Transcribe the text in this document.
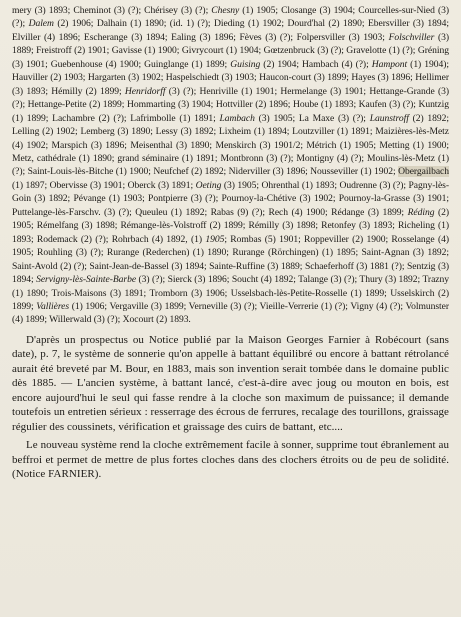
mery (3) 1893; Cheminot (3) (?); Chérisey (3) (?); Chesny (1) 1905; Closange (3) 1904; Courcelles-sur-Nied (3) (?); Dalem (2) 1906; Dalhain (1) 1890; (id. 1) (?); Dieding (1) 1902; Dourd'hal (2) 1890; Ebersviller (3) 1894; Elviller (4) 1896; Escherange (3) 1894; Ealing (3) 1896; Fèves (3) (?); Folpersviller (3) 1903; Folschviller (3) 1889; Freistroff (2) 1901; Gavisse (1) 1900; Givrycourt (1) 1904; Gœtzenbruck (3) (?); Gravelotte (1) (?); Gréning (3) 1901; Guebenhouse (4) 1900; Guinglange (1) 1899; Guising (2) 1904; Hambach (4) (?); Hampont (1) 1904); Hauviller (2) 1903; Hargarten (3) 1902; Haspelschiedt (3) 1903; Haucon-court (3) 1899; Hayes (3) 1896; Hellimer (3) 1893; Hémilly (2) 1899; Henridorff (3) (?); Henriville (1) 1901; Hermelange (3) 1901; Hettange-Grande (3) (?); Hettange-Petite (2) 1899; Hommarting (3) 1904; Hottviller (2) 1896; Hoube (1) 1893; Kaufen (3) (?); Kuntzig (1) 1899; Lachambre (2) (?); Lafrimbolle (1) 1891; Lambach (3) 1905; La Maxe (3) (?); Launstroff (2) 1892; Lelling (2) 1902; Lemberg (3) 1890; Lessy (3) 1892; Lixheim (1) 1894; Loutzviller (1) 1891; Maizières-lès-Metz (4) 1902; Marspich (3) 1896; Meisenthal (3) 1890; Menskirch (3) 1901/2; Métrich (1) 1905; Metting (1) 1900; Metz, cathédrale (1) 1890; grand séminaire (1) 1891; Montbronn (3) (?); Montigny (4) (?); Moulins-lès-Metz (1) (?); Saint-Louis-lès-Bitche (1) 1900; Neufchef (2) 1892; Niderviller (3) 1896; Nousseviller (1) 1902; Obergailbach (1) 1897; Obervisse (3) 1901; Oberck (3) 1891; Oeting (3) 1905; Ohrenthal (1) 1893; Oudrenne (3) (?); Pagny-lès-Goin (3) 1892; Pévange (1) 1903; Pontpierre (3) (?); Pournoy-la-Chétive (3) 1902; Pournoy-la-Grasse (3) 1901; Puttelange-lès-Farschv. (3) (?); Queuleu (1) 1892; Rabas (9) (?); Rech (4) 1900; Rédange (3) 1899; Réding (2) 1905; Rémelfang (3) 1898; Rémange-lès-Volstroff (2) 1899; Rémilly (3) 1898; Retonfey (3) 1893; Richeling (1) 1893; Rodemack (2) (?); Rohrbach (4) 1892, (1) 1905; Rombas (5) 1901; Roppeviller (2) 1900; Rosselange (4) 1905; Rouhling (3) (?); Rurange (Rederchen) (1) 1890; Rurange (Rörchingen) (1) 1895; Saint-Agnan (3) 1892; Saint-Avold (2) (?); Saint-Jean-de-Bassel (3) 1894; Sainte-Ruffine (3) 1889; Schaeferhoff (3) 1881 (?); Sentzig (3) 1894; Servigny-lès-Sainte-Barbe (3) (?); Sierck (3) 1896; Soucht (4) 1892; Talange (3) (?); Thury (3) 1892; Trazny (1) 1890; Trois-Maisons (3) 1891; Tromborn (3) 1906; Usselsbach-lès-Petite-Rosselle (1) 1899; Usselskirch (2) 1899; Vallières (1) 1906; Vergaville (3) 1899; Verneville (3) (?); Vieille-Verrerie (1) (?); Vigny (4) (?); Volmunster (4) 1899; Willerwald (3) (?); Xocourt (2) 1893.

D'après un prospectus ou Notice publié par la Maison Georges Farnier à Robécourt (sans date), p. 7, le système de sonnerie qu'on appelle à battant équilibré ou encore à battant rétrolancé aurait été breveté par M. Bour, en 1883, mais son invention serait tombée dans le domaine public dès 1885. — L'ancien système, à battant lancé, c'est-à-dire avec joug ou mouton en bois, est encore aujourd'hui le seul qui fasse rendre à la cloche son maximum de puissance; il demande toutefois un entretien sérieux : resserrage des écrous de ferrures, recalage des tourillons, graissage régulier des coussinets, vérification et graissage des cuirs de battant, etc....

Le nouveau système rend la cloche extrêmement facile à sonner, supprime tout ébranlement au beffroi et permet de mettre de plus fortes cloches dans des clochers étroits ou de peu de solidité. (Notice FARNIER).
